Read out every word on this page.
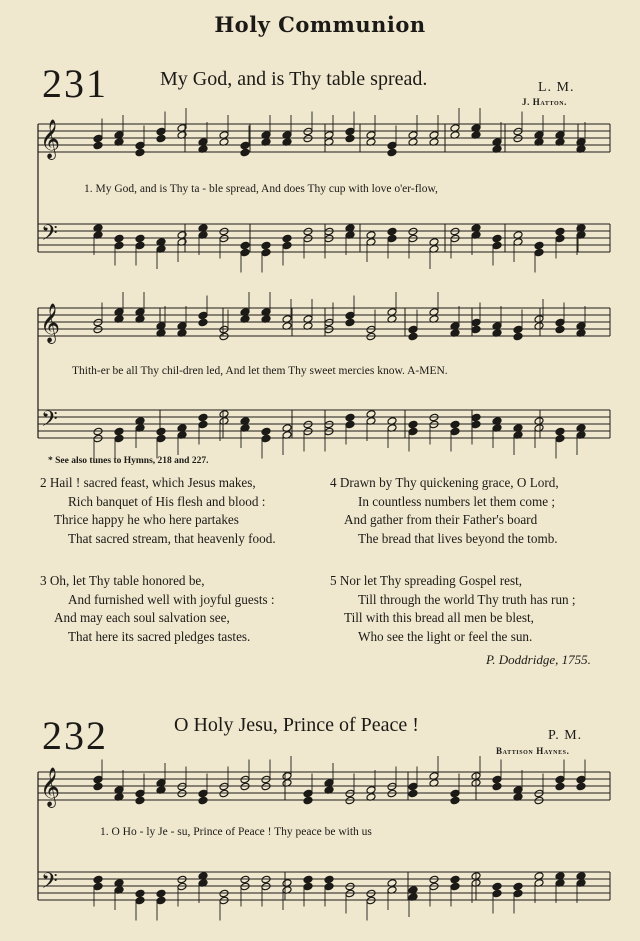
Holy Communion
231	My God, and is Thy table spread.	L. M.
J. Hatton.
𝄞
𝄢
𝄞
𝄢
𝄞
𝄢
1. My God, and is Thy ta - ble spread, And does Thy cup with love o'er-flow,
Thith-er be all Thy chil-dren led, And let them Thy sweet mercies know. A-MEN.
* See also tunes to Hymns, 218 and 227.
2 Hail ! sacred feast, which Jesus makes,
Rich banquet of His flesh and blood :
Thrice happy he who here partakes
That sacred stream, that heavenly food.
4 Drawn by Thy quickening grace, O Lord,
In countless numbers let them come ;
And gather from their Father's board
The bread that lives beyond the tomb.
3 Oh, let Thy table honored be,
And furnished well with joyful guests :
And may each soul salvation see,
That here its sacred pledges tastes.
5 Nor let Thy spreading Gospel rest,
Till through the world Thy truth has run ;
Till with this bread all men be blest,
Who see the light or feel the sun.
P. Doddridge, 1755.
232	O Holy Jesu, Prince of Peace !	P. M.
Battison Haynes.
1. O Ho - ly Je - su, Prince of Peace ! Thy peace be with us
